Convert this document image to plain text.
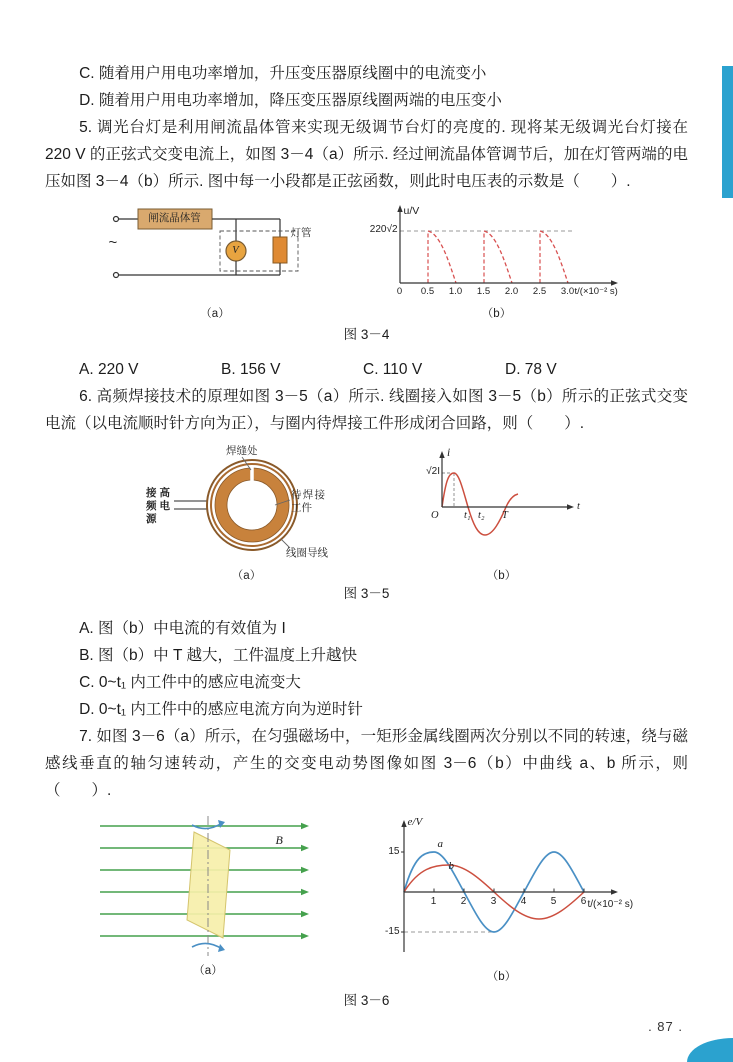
C. 随着用户用电功率增加，升压变压器原线圈中的电流变小

D. 随着用户用电功率增加，降压变压器原线圈两端的电压变小

5. 调光台灯是利用闸流晶体管来实现无级调节台灯的亮度的. 现将某无级调光台灯接在 220 V 的正弦式交变电流上，如图 3－4（a）所示. 经过闸流晶体管调节后，加在灯管两端的电压如图 3－4（b）所示. 图中每一小段都是正弦函数，则此时电压表的示数是（　　）.

闸流晶体管
~	V
灯管
（a）
u/V
220√2
0	0.5 1.0 1.5 2.0 2.5 3.0 t/(×10⁻² s)
（b）
图 3－4
A. 220 V	B. 156 V	C. 110 V	D. 78 V

6. 高频焊接技术的原理如图 3－5（a）所示. 线圈接入如图 3－5（b）所示的正弦式交变电流（以电流顺时针方向为正），与圈内待焊接工件形成闭合回路，则（　　）.

接高频电源
焊缝处
待焊接工件
线圈导线
（a）
i
√2I
O t₁ t₂ T
t
（b）
图 3－5

A. 图（b）中电流的有效值为 I

B. 图（b）中 T 越大，工件温度上升越快

C. 0~t₁ 内工件中的感应电流变大

D. 0~t₁ 内工件中的感应电流方向为逆时针

7. 如图 3－6（a）所示，在匀强磁场中，一矩形金属线圈两次分别以不同的转速，绕与磁感线垂直的轴匀速转动，产生的交变电动势图像如图 3－6（b）中曲线 a、b 所示，则（　　）.

B
（a）
e/V
15
-15
a
b
1	2	3	4	5	6 t/(×10⁻² s)
（b）
图 3－6
. 87 .
